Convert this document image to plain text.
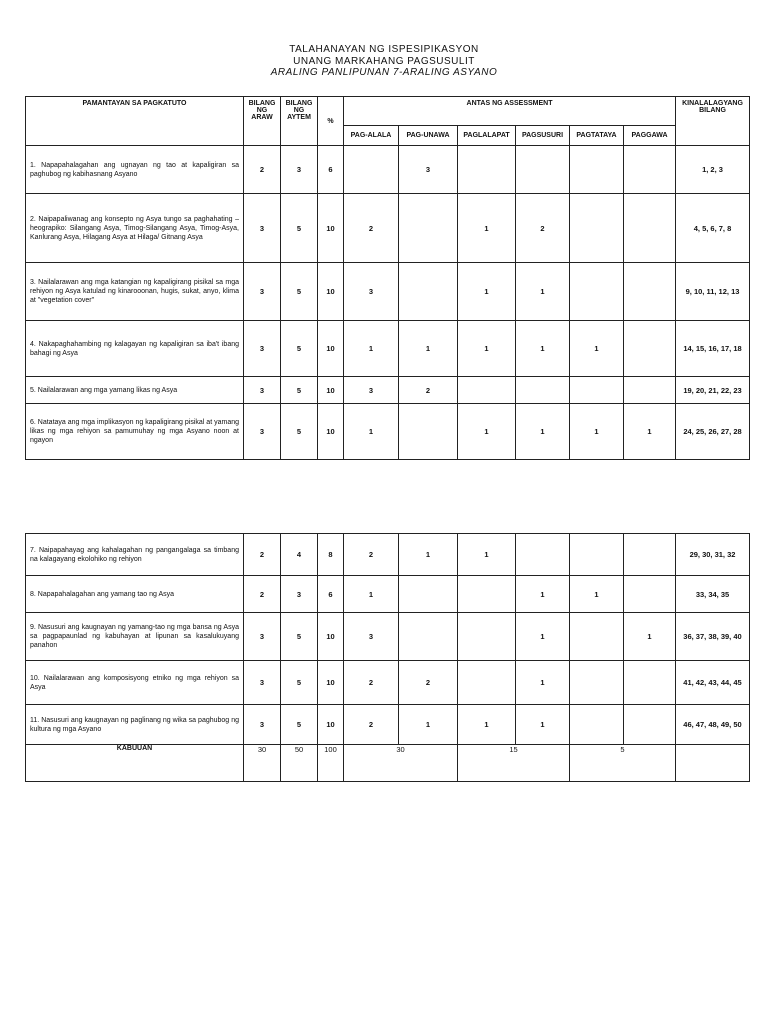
TALAHANAYAN NG ISPESIPIKASYON
UNANG MARKAHANG PAGSUSULIT
ARALING PANLIPUNAN 7-ARALING ASYANO
PAMANTAYAN SA PAGKATUTO	BILANG NG ARAW	BILANG NG AYTEM	%	ANTAS NG ASSESSMENT						KINALALAGYANG BILANG
				PAG-ALALA	PAG-UNAWA	PAGLALAPAT	PAGSUSURI	PAGTATAYA	PAGGAWA	
1. Napapahalagahan ang ugnayan ng tao at kapaligiran sa paghubog ng kabihasnang Asyano	2	3	6		3					1, 2, 3
2. Naipapaliwanag ang konsepto ng Asya tungo sa paghahating –heograpiko: Silangang Asya, Timog-Silangang Asya, Timog-Asya, Kanlurang Asya, Hilagang Asya at Hilaga/ Gitnang Asya	3	5	10	2		1	2			4, 5, 6, 7, 8
3. Nailalarawan ang mga katangian ng kapaligirang pisikal sa mga rehiyon ng Asya katulad ng kinarooonan, hugis, sukat, anyo, klima at "vegetation cover"	3	5	10	3		1	1			9, 10, 11, 12, 13
4. Nakapaghahambing ng kalagayan ng kapaligiran sa iba't ibang bahagi ng Asya	3	5	10	1	1	1	1	1		14, 15, 16, 17, 18
5. Nailalarawan ang mga yamang likas ng Asya	3	5	10	3	2					19, 20, 21, 22, 23
6. Natataya ang mga implikasyon ng kapaligirang pisikal at yamang likas ng mga rehiyon sa pamumuhay ng mga Asyano noon at ngayon	3	5	10	1		1	1	1	1	24, 25, 26, 27, 28
7. Naipapahayag ang kahalagahan ng pangangalaga sa timbang na kalagayang ekolohiko ng rehiyon	2	4	8	2	1	1				29, 30, 31, 32
8. Napapahalagahan ang yamang tao ng Asya	2	3	6	1			1	1		33, 34, 35
9. Nasusuri ang kaugnayan ng yamang-tao ng mga bansa ng Asya sa pagpapaunlad ng kabuhayan at lipunan sa kasalukuyang panahon	3	5	10	3			1		1	36, 37, 38, 39, 40
10. Nailalarawan ang komposisyong etniko ng mga rehiyon sa Asya	3	5	10	2	2		1			41, 42, 43, 44, 45
11. Nasusuri ang kaugnayan ng paglinang ng wika sa paghubog ng kultura ng mga Asyano	3	5	10	2	1	1	1			46, 47, 48, 49, 50
KABUUAN	30	50	100	30		15		5		
